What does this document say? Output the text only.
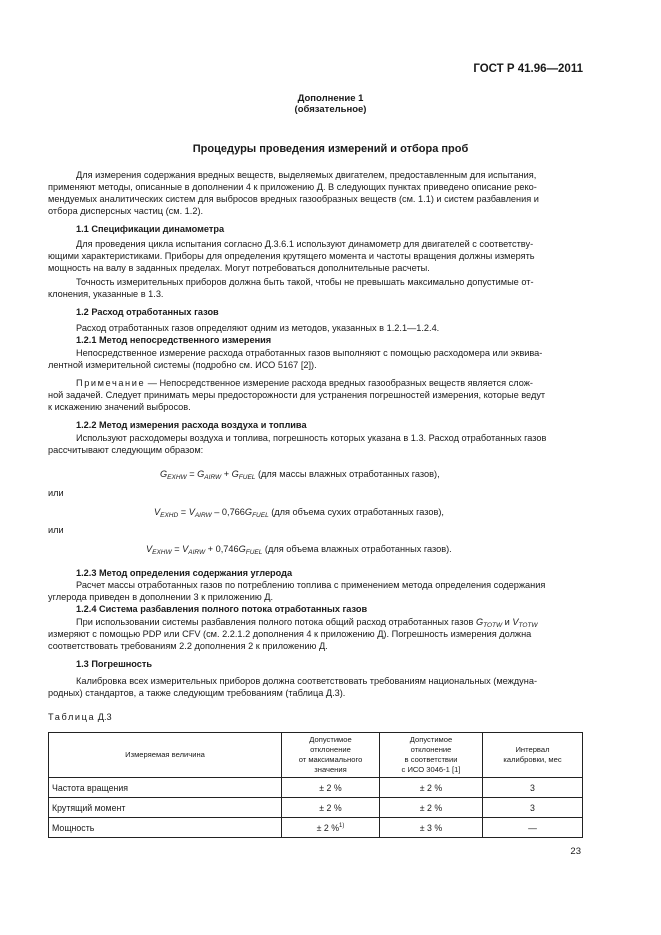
ГОСТ Р 41.96—2011
Дополнение 1
(обязательное)
Процедуры проведения измерений и отбора проб
Для измерения содержания вредных веществ, выделяемых двигателем, предоставленным для испытания,
применяют методы, описанные в дополнении 4 к приложению Д. В следующих пунктах приведено описание реко-
мендуемых аналитических систем для выбросов вредных газообразных веществ (см. 1.1) и систем разбавления и
отбора дисперсных частиц (см. 1.2).
1.1 Спецификации динамометра
Для проведения цикла испытания согласно Д.3.6.1 используют динамометр для двигателей с соответству-
ющими характеристиками. Приборы для определения крутящего момента и частоты вращения должны измерять
мощность на валу в заданных пределах. Могут потребоваться дополнительные расчеты.
Точность измерительных приборов должна быть такой, чтобы не превышать максимально допустимые от-
клонения, указанные в 1.3.
1.2 Расход отработанных газов
Расход отработанных газов определяют одним из методов, указанных в 1.2.1—1.2.4.
1.2.1 Метод непосредственного измерения
Непосредственное измерение расхода отработанных газов выполняют с помощью расходомера или эквива-
лентной измерительной системы (подробно см. ИСО 5167 [2]).
Примечание — Непосредственное измерение расхода вредных газообразных веществ является слож-
ной задачей. Следует принимать меры предосторожности для устранения погрешностей измерения, которые ведут
к искажению значений выбросов.
1.2.2 Метод измерения расхода воздуха и топлива
Используют расходомеры воздуха и топлива, погрешность которых указана в 1.3. Расход отработанных газов
рассчитывают следующим образом:
$G_{EXHW} = G_{AIRW} + G_{FUEL}$ (для массы влажных отработанных газов),
или
$V_{EXHD} = V_{AIRW} - 0,766G_{FUEL}$ (для объема сухих отработанных газов),
или
$V_{EXHW} = V_{AIRW} + 0,746G_{FUEL}$ (для объема влажных отработанных газов).
1.2.3 Метод определения содержания углерода
Расчет массы отработанных газов по потреблению топлива с применением метода определения содержания
углерода приведен в дополнении 3 к приложению Д.
1.2.4 Система разбавления полного потока отработанных газов
При использовании системы разбавления полного потока общий расход отработанных газов $G_{TOTW}$ и $V_{TOTW}$
измеряют с помощью PDP или CFV (см. 2.2.1.2 дополнения 4 к приложению Д). Погрешность измерения должна
соответствовать требованиям 2.2 дополнения 2 к приложению Д.
1.3 Погрешность
Калибровка всех измерительных приборов должна соответствовать требованиям национальных (междуна-
родных) стандартов, а также следующим требованиям (таблица Д.3).
Таблица Д.3
Измеряемая величина	Допустимое
отклонение
от максимального
значения	Допустимое
отклонение
в соответствии
с ИСО 3046-1 [1]	Интервал
калибровки, мес
Частота вращения	± 2 %	± 2 %	3
Крутящий момент	± 2 %	± 2 %	3
Мощность	± 2 %$^{1)}$	± 3 %	—
23
